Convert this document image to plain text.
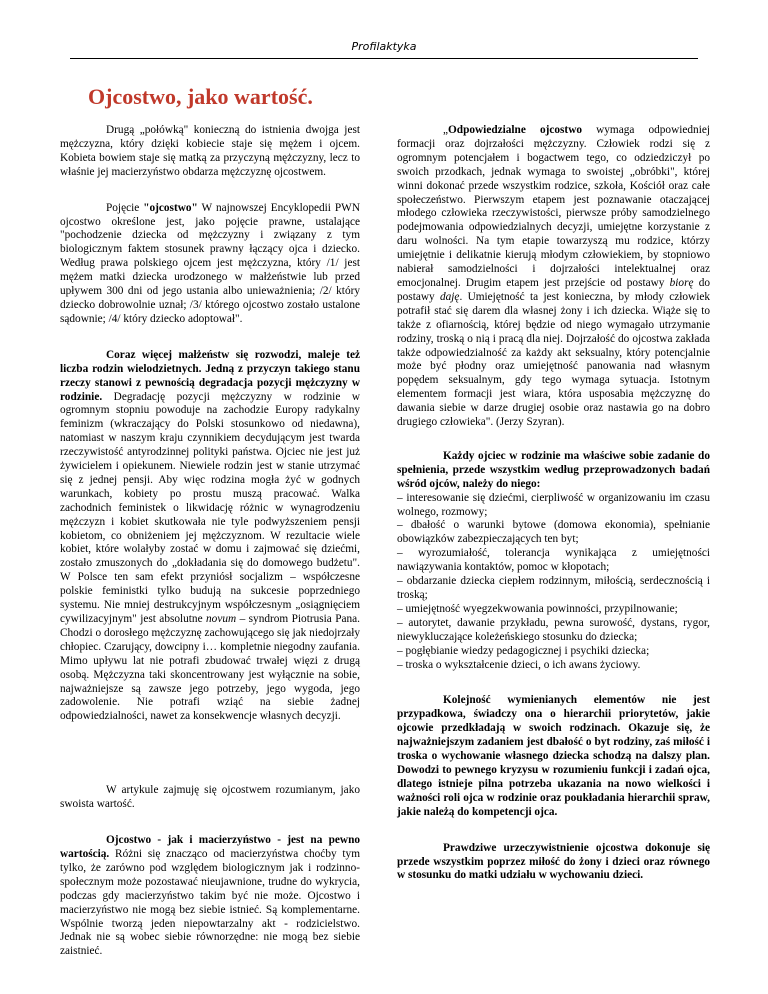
Profilaktyka
Ojcostwo, jako wartość.

Drugą „połówką" konieczną do istnienia dwojga jest mężczyzna, który dzięki kobiecie staje się mężem i ojcem. Kobieta bowiem staje się matką za przyczyną mężczyzny, lecz to właśnie jej macierzyństwo obdarza mężczyznę ojcostwem.

Pojęcie "ojcostwo" W najnowszej Encyklopedii PWN ojcostwo określone jest, jako pojęcie prawne, ustalające "pochodzenie dziecka od mężczyzny i związany z tym biologicznym faktem stosunek prawny łączący ojca i dziecko. Według prawa polskiego ojcem jest mężczyzna, który /1/ jest mężem matki dziecka urodzonego w małżeństwie lub przed upływem 300 dni od jego ustania albo unieważnienia; /2/ który dziecko dobrowolnie uznał; /3/ którego ojcostwo zostało ustalone sądownie; /4/ który dziecko adoptował".

Coraz więcej małżeństw się rozwodzi, maleje też liczba rodzin wielodzietnych. Jedną z przyczyn takiego stanu rzeczy stanowi z pewnością degradacja pozycji mężczyzny w rodzinie. Degradację pozycji mężczyzny w rodzinie w ogromnym stopniu powoduje na zachodzie Europy radykalny feminizm (wkraczający do Polski stosunkowo od niedawna), natomiast w naszym kraju czynnikiem decydującym jest twarda rzeczywistość antyrodzinnej polityki państwa. Ojciec nie jest już żywicielem i opiekunem. Niewiele rodzin jest w stanie utrzymać się z jednej pensji. Aby więc rodzina mogła żyć w godnych warunkach, kobiety po prostu muszą pracować. Walka zachodnich feministek o likwidację różnic w wynagrodzeniu mężczyzn i kobiet skutkowała nie tyle podwyższeniem pensji kobietom, co obniżeniem jej mężczyznom. W rezultacie wiele kobiet, które wolałyby zostać w domu i zajmować się dziećmi, zostało zmuszonych do „dokładania się do domowego budżetu". W Polsce ten sam efekt przyniósł socjalizm – współczesne polskie feministki tylko budują na sukcesie poprzedniego systemu. Nie mniej destrukcyjnym współczesnym „osiągnięciem cywilizacyjnym" jest absolutne novum – syndrom Piotrusia Pana. Chodzi o dorosłego mężczyznę zachowującego się jak niedojrzały chłopiec. Czarujący, dowcipny i… kompletnie niegodny zaufania. Mimo upływu lat nie potrafi zbudować trwałej więzi z drugą osobą. Mężczyzna taki skoncentrowany jest wyłącznie na sobie, najważniejsze są zawsze jego potrzeby, jego wygoda, jego zadowolenie. Nie potrafi wziąć na siebie żadnej odpowiedzialności, nawet za konsekwencje własnych decyzji.

W artykule zajmuję się ojcostwem rozumianym, jako swoista wartość.

Ojcostwo - jak i macierzyństwo - jest na pewno wartością. Różni się znacząco od macierzyństwa choćby tym tylko, że zarówno pod względem biologicznym jak i rodzinno-społecznym może pozostawać nieujawnione, trudne do wykrycia, podczas gdy macierzyństwo takim być nie może. Ojcostwo i macierzyństwo nie mogą bez siebie istnieć. Są komplementarne. Wspólnie tworzą jeden niepowtarzalny akt - rodzicielstwo. Jednak nie są wobec siebie równorzędne: nie mogą bez siebie zaistnieć.

„Odpowiedzialne ojcostwo wymaga odpowiedniej formacji oraz dojrzałości mężczyzny. Człowiek rodzi się z ogromnym potencjałem i bogactwem tego, co odziedziczył po swoich przodkach, jednak wymaga to swoistej „obróbki", której winni dokonać przede wszystkim rodzice, szkoła, Kościół oraz całe społeczeństwo. Pierwszym etapem jest poznawanie otaczającej młodego człowieka rzeczywistości, pierwsze próby samodzielnego podejmowania odpowiedzialnych decyzji, umiejętne korzystanie z daru wolności. Na tym etapie towarzyszą mu rodzice, którzy umiejętnie i delikatnie kierują młodym człowiekiem, by stopniowo nabierał samodzielności i dojrzałości intelektualnej oraz emocjonalnej. Drugim etapem jest przejście od postawy biorę do postawy daję. Umiejętność ta jest konieczna, by młody człowiek potrafił stać się darem dla własnej żony i ich dziecka. Wiąże się to także z ofiarnością, której będzie od niego wymagało utrzymanie rodziny, troską o nią i pracą dla niej. Dojrzałość do ojcostwa zakłada także odpowiedzialność za każdy akt seksualny, który potencjalnie może być płodny oraz umiejętność panowania nad własnym popędem seksualnym, gdy tego wymaga sytuacja. Istotnym elementem formacji jest wiara, która usposabia mężczyznę do dawania siebie w darze drugiej osobie oraz nastawia go na dobro drugiego człowieka". (Jerzy Szyran).

Każdy ojciec w rodzinie ma właściwe sobie zadanie do spełnienia, przede wszystkim według przeprowadzonych badań wśród ojców, należy do niego:

– interesowanie się dziećmi, cierpliwość w organizowaniu im czasu wolnego, rozmowy;
– dbałość o warunki bytowe (domowa ekonomia), spełnianie obowiązków zabezpieczających ten byt;
– wyrozumiałość, tolerancja wynikająca z umiejętności nawiązywania kontaktów, pomoc w kłopotach;
– obdarzanie dziecka ciepłem rodzinnym, miłością, serdecznością i troską;
– umiejętność wyegzekwowania powinności, przypilnowanie;
– autorytet, dawanie przykładu, pewna surowość, dystans, rygor, niewykluczające koleżeńskiego stosunku do dziecka;
– pogłębianie wiedzy pedagogicznej i psychiki dziecka;
– troska o wykształcenie dzieci, o ich awans życiowy.

Kolejność wymienianych elementów nie jest przypadkowa, świadczy ona o hierarchii priorytetów, jakie ojcowie przedkładają w swoich rodzinach. Okazuje się, że najważniejszym zadaniem jest dbałość o byt rodziny, zaś miłość i troska o wychowanie własnego dziecka schodzą na dalszy plan. Dowodzi to pewnego kryzysu w rozumieniu funkcji i zadań ojca, dlatego istnieje pilna potrzeba ukazania na nowo wielkości i ważności roli ojca w rodzinie oraz poukładania hierarchii spraw, jakie należą do kompetencji ojca.

Prawdziwe urzeczywistnienie ojcostwa dokonuje się przede wszystkim poprzez miłość do żony i dzieci oraz równego w stosunku do matki udziału w wychowaniu dzieci.
